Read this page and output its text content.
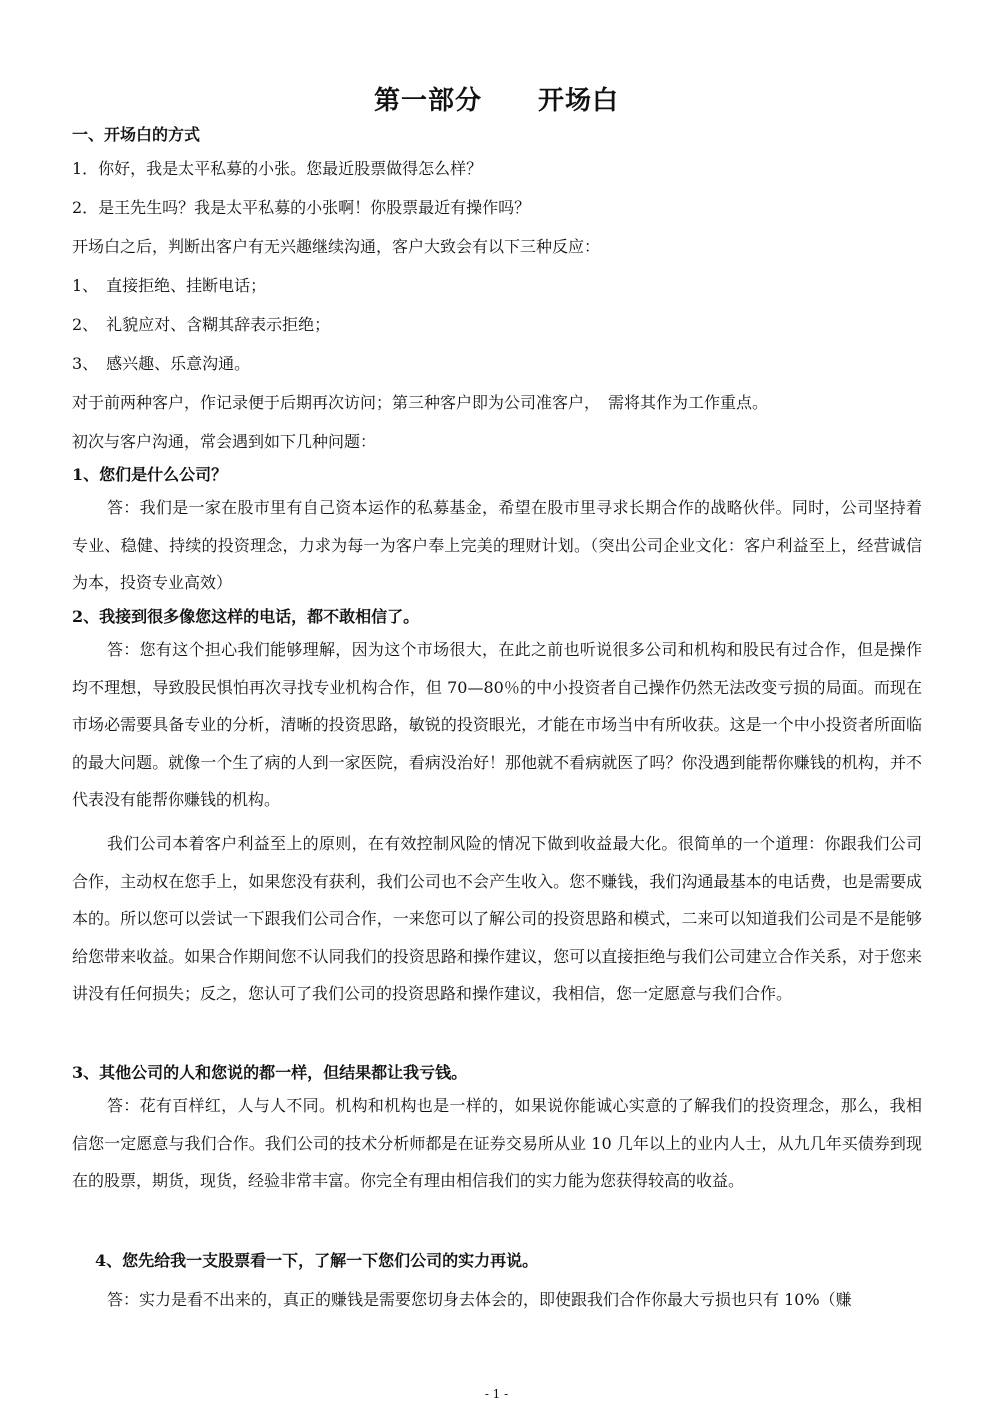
第一部分 开场白
一、开场白的方式
1．你好，我是太平私募的小张。您最近股票做得怎么样？
2．是王先生吗？我是太平私募的小张啊！你股票最近有操作吗？
开场白之后，判断出客户有无兴趣继续沟通，客户大致会有以下三种反应：
1、　直接拒绝、挂断电话；
2、　礼貌应对、含糊其辞表示拒绝；
3、　感兴趣、乐意沟通。
对于前两种客户，作记录便于后期再次访问；第三种客户即为公司准客户，　需将其作为工作重点。
初次与客户沟通，常会遇到如下几种问题：
1、您们是什么公司？
答：我们是一家在股市里有自己资本运作的私募基金，希望在股市里寻求长期合作的战略伙伴。同时，公司坚持着专业、稳健、持续的投资理念，力求为每一为客户奉上完美的理财计划。（突出公司企业文化：客户利益至上，经营诚信为本，投资专业高效）
2、我接到很多像您这样的电话，都不敢相信了。
答：您有这个担心我们能够理解，因为这个市场很大，在此之前也听说很多公司和机构和股民有过合作，但是操作均不理想，导致股民惧怕再次寻找专业机构合作，但 70—80％的中小投资者自己操作仍然无法改变亏损的局面。而现在市场必需要具备专业的分析，清晰的投资思路，敏锐的投资眼光，才能在市场当中有所收获。这是一个中小投资者所面临的最大问题。就像一个生了病的人到一家医院，看病没治好！那他就不看病就医了吗？你没遇到能帮你赚钱的机构，并不代表没有能帮你赚钱的机构。
我们公司本着客户利益至上的原则，在有效控制风险的情况下做到收益最大化。很简单的一个道理：你跟我们公司合作，主动权在您手上，如果您没有获利，我们公司也不会产生收入。您不赚钱，我们沟通最基本的电话费，也是需要成本的。所以您可以尝试一下跟我们公司合作，一来您可以了解公司的投资思路和模式，二来可以知道我们公司是不是能够给您带来收益。如果合作期间您不认同我们的投资思路和操作建议，您可以直接拒绝与我们公司建立合作关系，对于您来讲没有任何损失；反之，您认可了我们公司的投资思路和操作建议，我相信，您一定愿意与我们合作。
3、其他公司的人和您说的都一样，但结果都让我亏钱。
答：花有百样红，人与人不同。机构和机构也是一样的，如果说你能诚心实意的了解我们的投资理念，那么，我相信您一定愿意与我们合作。我们公司的技术分析师都是在证券交易所从业 10 几年以上的业内人士，从九几年买债券到现在的股票，期货，现货，经验非常丰富。你完全有理由相信我们的实力能为您获得较高的收益。
4、您先给我一支股票看一下，了解一下您们公司的实力再说。
答：实力是看不出来的，真正的赚钱是需要您切身去体会的，即使跟我们合作你最大亏损也只有 10%（赚
- 1 -
